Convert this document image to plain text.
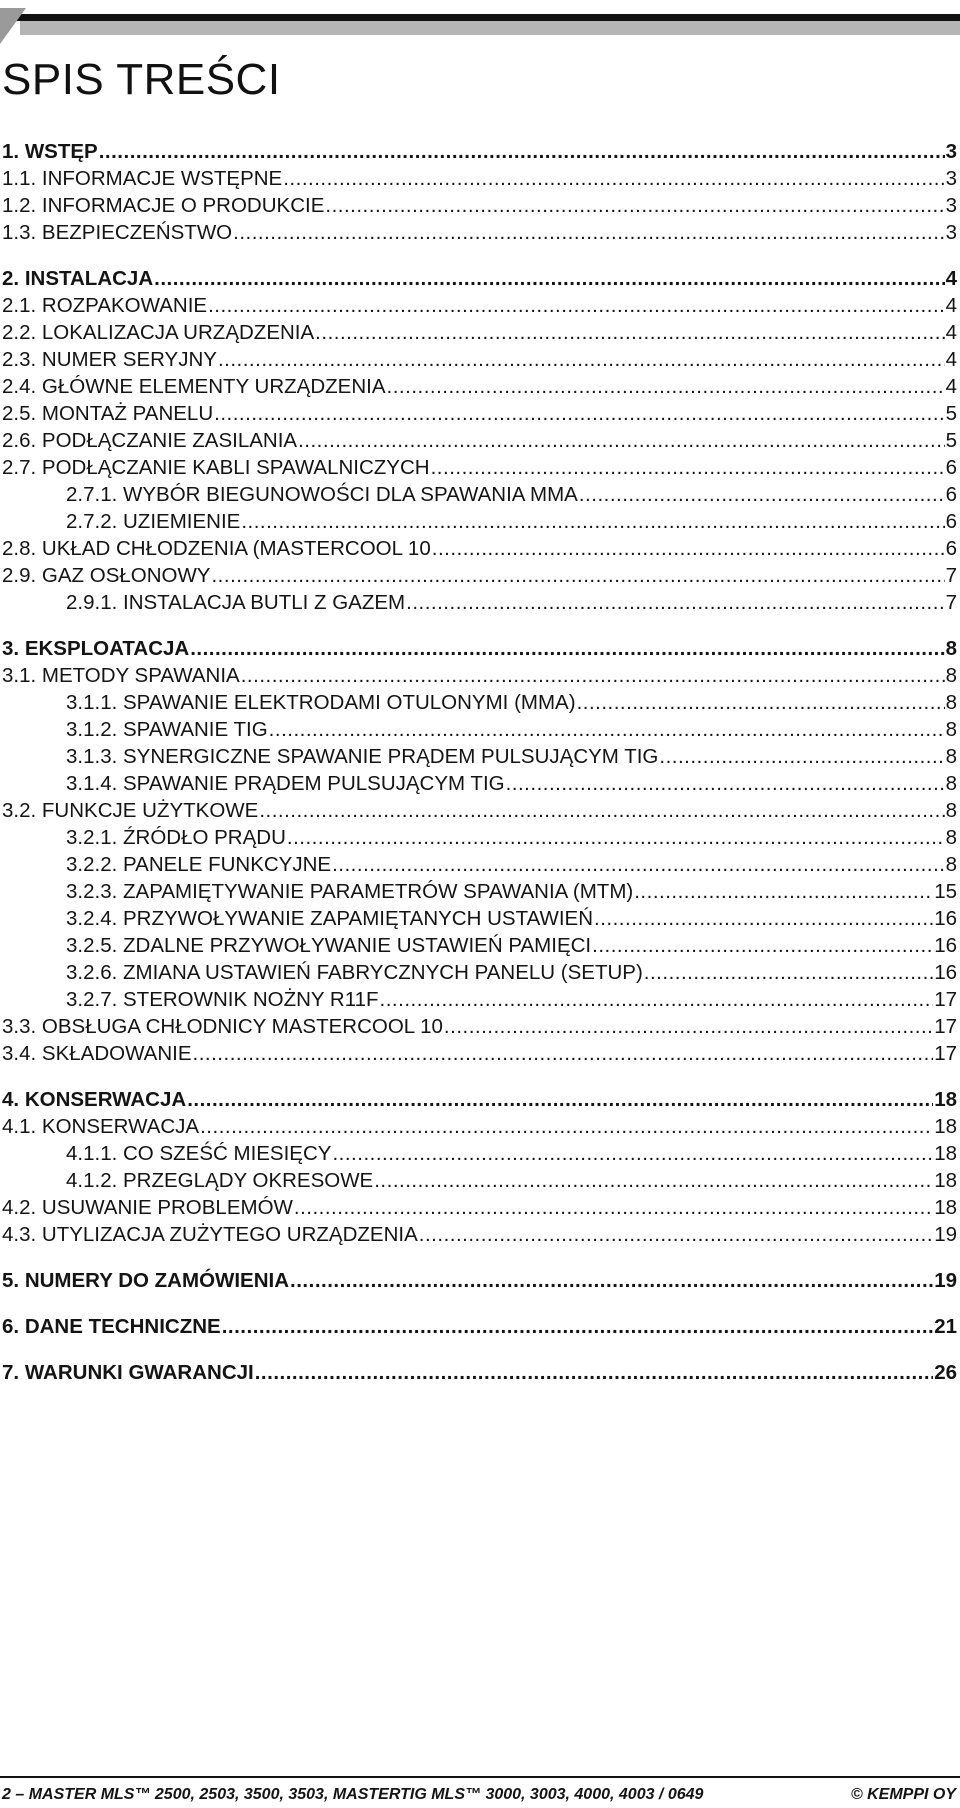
SPIS TREŚCI
1. WSTĘP .....	3
1.1. INFORMACJE WSTĘPNE .....	3
1.2. INFORMACJE O PRODUKCIE .....	3
1.3. BEZPIECZEŃSTWO .....	3
2. INSTALACJA .....	4
2.1. ROZPAKOWANIE .....	4
2.2. LOKALIZACJA URZĄDZENIA .....	4
2.3. NUMER SERYJNY .....	4
2.4. GŁÓWNE ELEMENTY URZĄDZENIA .....	4
2.5. MONTAŻ PANELU .....	5
2.6. PODŁĄCZANIE ZASILANIA .....	5
2.7. PODŁĄCZANIE KABLI SPAWALNICZYCH .....	6
2.7.1. WYBÓR BIEGUNOWOŚCI DLA SPAWANIA MMA .....	6
2.7.2. UZIEMIENIE .....	6
2.8. UKŁAD CHŁODZENIA (MASTERCOOL 10 .....	6
2.9. GAZ OSŁONOWY .....	7
2.9.1. INSTALACJA BUTLI Z GAZEM .....	7
3. EKSPLOATACJA .....	8
3.1. METODY SPAWANIA .....	8
3.1.1. SPAWANIE ELEKTRODAMI OTULONYMI (MMA) .....	8
3.1.2. SPAWANIE TIG .....	8
3.1.3. SYNERGICZNE SPAWANIE PRĄDEM PULSUJĄCYM TIG .....	8
3.1.4. SPAWANIE PRĄDEM PULSUJĄCYM TIG .....	8
3.2. FUNKCJE UŻYTKOWE .....	8
3.2.1. ŹRÓDŁO PRĄDU .....	8
3.2.2. PANELE FUNKCYJNE .....	8
3.2.3. ZAPAMIĘTYWANIE PARAMETRÓW SPAWANIA (MTM) .....	15
3.2.4. PRZYWOŁYWANIE ZAPAMIĘTANYCH USTAWIEŃ .....	16
3.2.5. ZDALNE PRZYWOŁYWANIE USTAWIEŃ PAMIĘCI .....	16
3.2.6. ZMIANA USTAWIEŃ FABRYCZNYCH PANELU (SETUP) .....	16
3.2.7. STEROWNIK NOŻNY R11F .....	17
3.3. OBSŁUGA CHŁODNICY MASTERCOOL 10 .....	17
3.4. SKŁADOWANIE .....	17
4. KONSERWACJA .....	18
4.1. KONSERWACJA .....	18
4.1.1. CO SZEŚĆ MIESIĘCY .....	18
4.1.2. PRZEGLĄDY OKRESOWE .....	18
4.2. USUWANIE PROBLEMÓW .....	18
4.3. UTYLIZACJA ZUŻYTEGO URZĄDZENIA .....	19
5. NUMERY DO ZAMÓWIENIA .....	19
6. DANE TECHNICZNE .....	21
7. WARUNKI GWARANCJI .....	26
2 – MASTER MLS™ 2500, 2503, 3500, 3503, MASTERTIG MLS™ 3000, 3003, 4000, 4003 / 0649	© KEMPPI OY
